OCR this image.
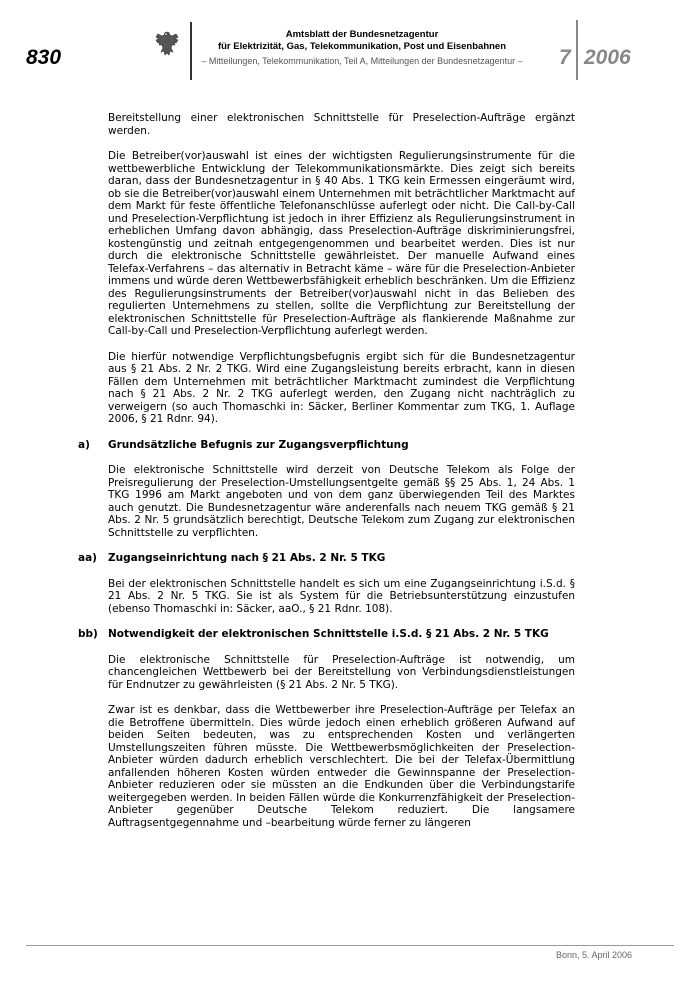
830
Amtsblatt der Bundesnetzagentur
für Elektrizität, Gas, Telekommunikation, Post und Eisenbahnen
– Mitteilungen, Telekommunikation, Teil A, Mitteilungen der Bundesnetzagentur –	7 2006

Bereitstellung einer elektronischen Schnittstelle für Preselection-Aufträge ergänzt werden.

Die Betreiber(vor)auswahl ist eines der wichtigsten Regulierungsinstrumente für die wettbewerbliche Entwicklung der Telekommunikationsmärkte. Dies zeigt sich bereits daran, dass der Bundesnetzagentur in § 40 Abs. 1 TKG kein Ermessen eingeräumt wird, ob sie die Betreiber(vor)auswahl einem Unternehmen mit beträchtlicher Marktmacht auf dem Markt für feste öffentliche Telefonanschlüsse auferlegt oder nicht. Die Call-by-Call und Preselection-Verpflichtung ist jedoch in ihrer Effizienz als Regulierungsinstrument in erheblichen Umfang davon abhängig, dass Preselection-Aufträge diskriminierungsfrei, kostengünstig und zeitnah entgegengenommen und bearbeitet werden. Dies ist nur durch die elektronische Schnittstelle gewährleistet. Der manuelle Aufwand eines Telefax-Verfahrens – das alternativ in Betracht käme – wäre für die Preselection-Anbieter immens und würde deren Wettbewerbsfähigkeit erheblich beschränken. Um die Effizienz des Regulierungsinstruments der Betreiber(vor)auswahl nicht in das Belieben des regulierten Unternehmens zu stellen, sollte die Verpflichtung zur Bereitstellung der elektronischen Schnittstelle für Preselection-Aufträge als flankierende Maßnahme zur Call-by-Call und Preselection-Verpflichtung auferlegt werden.

Die hierfür notwendige Verpflichtungsbefugnis ergibt sich für die Bundesnetzagentur aus § 21 Abs. 2 Nr. 2 TKG. Wird eine Zugangsleistung bereits erbracht, kann in diesen Fällen dem Unternehmen mit beträchtlicher Marktmacht zumindest die Verpflichtung nach § 21 Abs. 2 Nr. 2 TKG auferlegt werden, den Zugang nicht nachträglich zu verweigern (so auch Thomaschki in: Säcker, Berliner Kommentar zum TKG, 1. Auflage 2006, § 21 Rdnr. 94).

a) Grundsätzliche Befugnis zur Zugangsverpflichtung

Die elektronische Schnittstelle wird derzeit von Deutsche Telekom als Folge der Preisregulierung der Preselection-Umstellungsentgelte gemäß §§ 25 Abs. 1, 24 Abs. 1 TKG 1996 am Markt angeboten und von dem ganz überwiegenden Teil des Marktes auch genutzt. Die Bundesnetzagentur wäre anderenfalls nach neuem TKG gemäß § 21 Abs. 2 Nr. 5 grundsätzlich berechtigt, Deutsche Telekom zum Zugang zur elektronischen Schnittstelle zu verpflichten.

aa) Zugangseinrichtung nach § 21 Abs. 2 Nr. 5 TKG

Bei der elektronischen Schnittstelle handelt es sich um eine Zugangseinrichtung i.S.d. § 21 Abs. 2 Nr. 5 TKG. Sie ist als System für die Betriebsunterstützung einzustufen (ebenso Thomaschki in: Säcker, aaO., § 21 Rdnr. 108).

bb) Notwendigkeit der elektronischen Schnittstelle i.S.d. § 21 Abs. 2 Nr. 5 TKG

Die elektronische Schnittstelle für Preselection-Aufträge ist notwendig, um chancengleichen Wettbewerb bei der Bereitstellung von Verbindungsdienstleistungen für Endnutzer zu gewährleisten (§ 21 Abs. 2 Nr. 5 TKG).

Zwar ist es denkbar, dass die Wettbewerber ihre Preselection-Aufträge per Telefax an die Betroffene übermitteln. Dies würde jedoch einen erheblich größeren Aufwand auf beiden Seiten bedeuten, was zu entsprechenden Kosten und verlängerten Umstellungszeiten führen müsste. Die Wettbewerbsmöglichkeiten der Preselection-Anbieter würden dadurch erheblich verschlechtert. Die bei der Telefax-Übermittlung anfallenden höheren Kosten würden entweder die Gewinnspanne der Preselection-Anbieter reduzieren oder sie müssten an die Endkunden über die Verbindungstarife weitergegeben werden. In beiden Fällen würde die Konkurrenzfähigkeit der Preselection-Anbieter gegenüber Deutsche Telekom reduziert. Die langsamere Auftragsentgegennahme und –bearbeitung würde ferner zu längeren

Bonn, 5. April 2006
